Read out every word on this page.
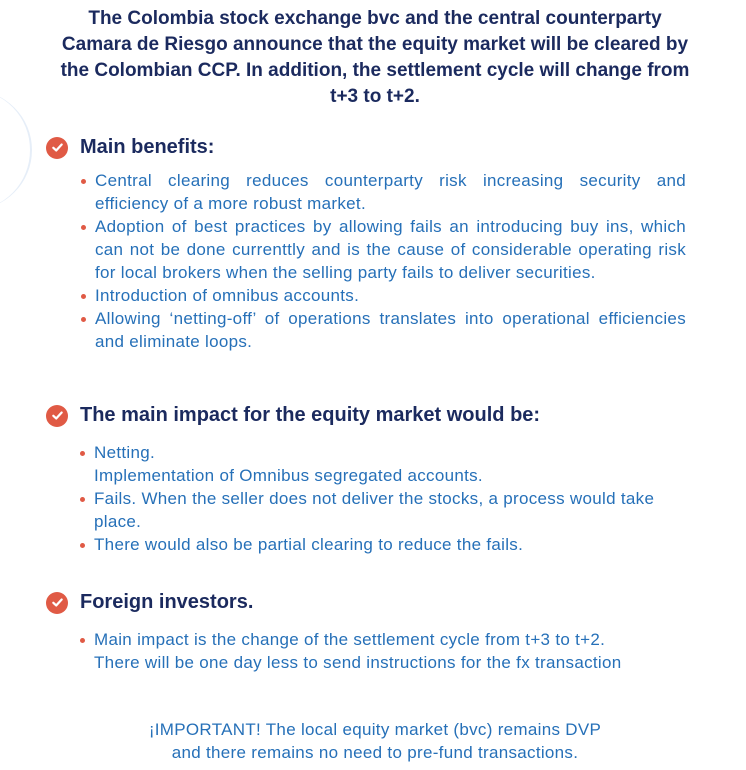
The Colombia stock exchange bvc and the central counterparty Camara de Riesgo announce that the equity market will be cleared by the Colombian CCP. In addition, the settlement cycle will change from t+3 to t+2.
Main benefits:
Central clearing reduces counterparty risk increasing security and efficiency of a more robust market.
Adoption of best practices by allowing fails an introducing buy ins, which can not be done currenttly and is the cause of considerable operating risk for local brokers when the selling party fails to deliver securities.
Introduction of omnibus accounts.
Allowing ‘netting-off’ of operations translates into operational efficiencies and eliminate loops.
The main impact for the equity market would be:
Netting.
Implementation of Omnibus segregated accounts.
Fails. When the seller does not deliver the stocks, a process would take place.
There would also be partial clearing to reduce the fails.
Foreign investors.
Main impact is the change of the settlement cycle from t+3 to t+2.
There will be one day less to send instructions for the fx transaction
¡IMPORTANT! The local equity market (bvc) remains DVP
and there remains no need to pre-fund transactions.
